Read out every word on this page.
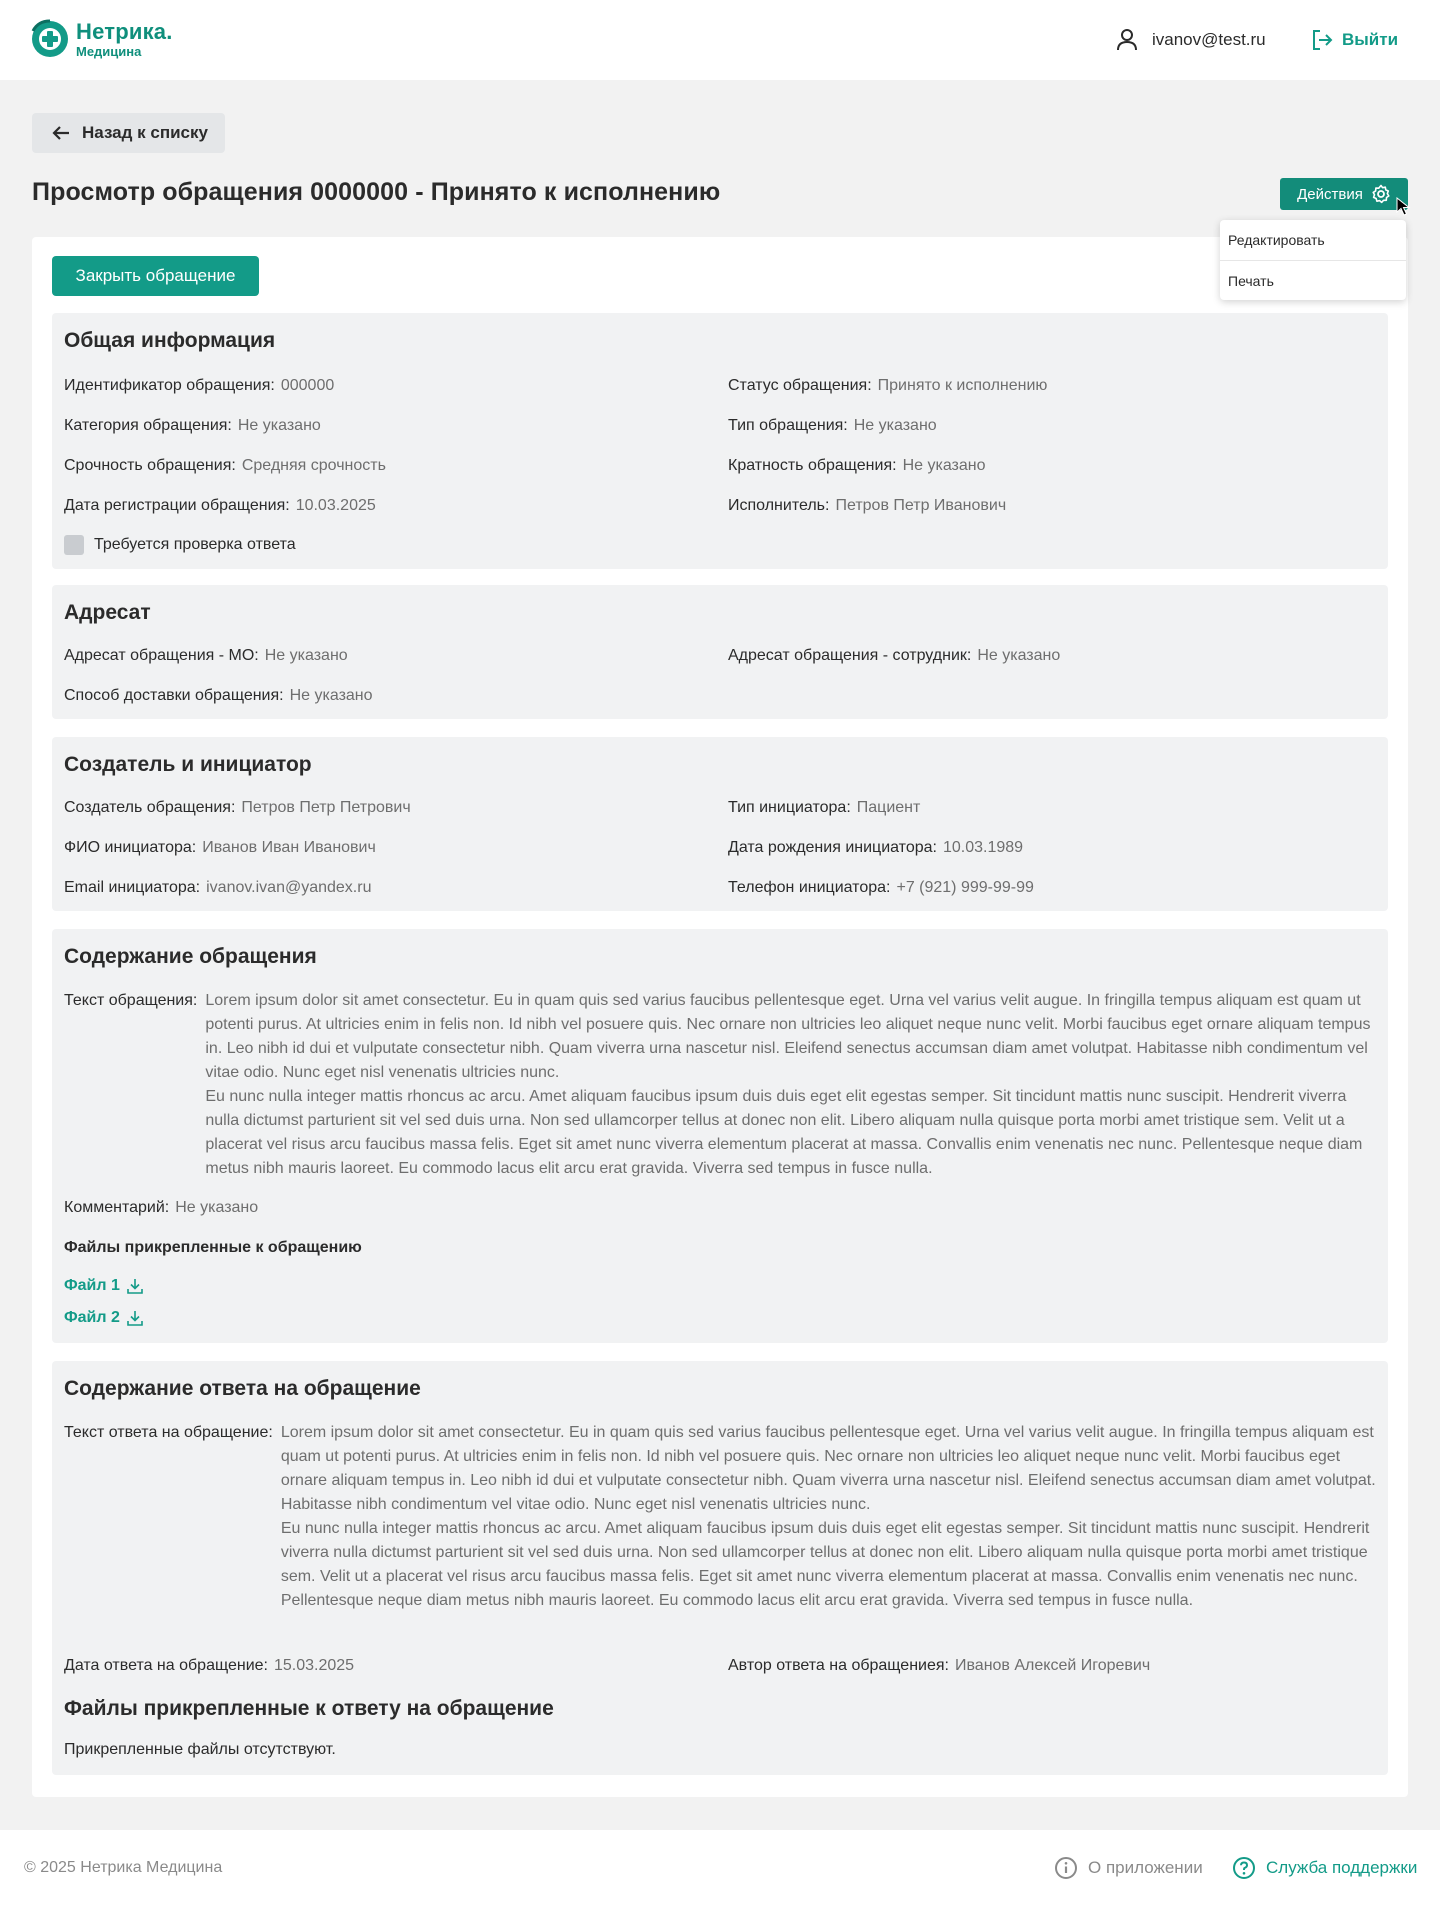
Нетрика.
Медицина
ivanov@test.ru	Выйти
Назад к списку
Просмотр обращения 0000000 - Принято к исполнению	Действия
Редактировать
Печать
Закрыть обращение
Общая информация
Идентификатор обращения: 000000	Статус обращения: Принято к исполнению
Категория обращения: Не указано	Тип обращения: Не указано
Срочность обращения: Средняя срочность	Кратность обращения: Не указано
Дата регистрации обращения: 10.03.2025	Исполнитель: Петров Петр Иванович
Требуется проверка ответа
Адресат
Адресат обращения - МО: Не указано	Адресат обращения - сотрудник: Не указано
Способ доставки обращения: Не указано
Создатель и инициатор
Создатель обращения: Петров Петр Петрович	Тип инициатора: Пациент
ФИО инициатора: Иванов Иван Иванович	Дата рождения инициатора: 10.03.1989
Email инициатора: ivanov.ivan@yandex.ru	Телефон инициатора: +7 (921) 999-99-99
Содержание обращения
Текст обращения: Lorem ipsum dolor sit amet consectetur. Eu in quam quis sed varius faucibus pellentesque eget. Urna vel varius velit augue. In fringilla tempus aliquam est quam ut potenti purus. At ultricies enim in felis non. Id nibh vel posuere quis. Nec ornare non ultricies leo aliquet neque nunc velit. Morbi faucibus eget ornare aliquam tempus in. Leo nibh id dui et vulputate consectetur nibh. Quam viverra urna nascetur nisl. Eleifend senectus accumsan diam amet volutpat. Habitasse nibh condimentum vel vitae odio. Nunc eget nisl venenatis ultricies nunc.

Eu nunc nulla integer mattis rhoncus ac arcu. Amet aliquam faucibus ipsum duis duis eget elit egestas semper. Sit tincidunt mattis nunc suscipit. Hendrerit viverra nulla dictumst parturient sit vel sed duis urna. Non sed ullamcorper tellus at donec non elit. Libero aliquam nulla quisque porta morbi amet tristique sem. Velit ut a placerat vel risus arcu faucibus massa felis. Eget sit amet nunc viverra elementum placerat at massa. Convallis enim venenatis nec nunc. Pellentesque neque diam metus nibh mauris laoreet. Eu commodo lacus elit arcu erat gravida. Viverra sed tempus in fusce nulla.

Комментарий: Не указано
Файлы прикрепленные к обращению
Файл 1
Файл 2
Содержание ответа на обращение
Текст ответа на обращение: Lorem ipsum dolor sit amet consectetur. Eu in quam quis sed varius faucibus pellentesque eget. Urna vel varius velit augue. In fringilla tempus aliquam est quam ut potenti purus. At ultricies enim in felis non. Id nibh vel posuere quis. Nec ornare non ultricies leo aliquet neque nunc velit. Morbi faucibus eget ornare aliquam tempus in. Leo nibh id dui et vulputate consectetur nibh. Quam viverra urna nascetur nisl. Eleifend senectus accumsan diam amet volutpat. Habitasse nibh condimentum vel vitae odio. Nunc eget nisl venenatis ultricies nunc.

Eu nunc nulla integer mattis rhoncus ac arcu. Amet aliquam faucibus ipsum duis duis eget elit egestas semper. Sit tincidunt mattis nunc suscipit. Hendrerit viverra nulla dictumst parturient sit vel sed duis urna. Non sed ullamcorper tellus at donec non elit. Libero aliquam nulla quisque porta morbi amet tristique sem. Velit ut a placerat vel risus arcu faucibus massa felis. Eget sit amet nunc viverra elementum placerat at massa. Convallis enim venenatis nec nunc. Pellentesque neque diam metus nibh mauris laoreet. Eu commodo lacus elit arcu erat gravida. Viverra sed tempus in fusce nulla.

Дата ответа на обращение: 15.03.2025	Автор ответа на обращениея: Иванов Алексей Игоревич
Файлы прикрепленные к ответу на обращение
Прикрепленные файлы отсутствуют.
© 2025 Нетрика Медицина	О приложении	Служба поддержки
